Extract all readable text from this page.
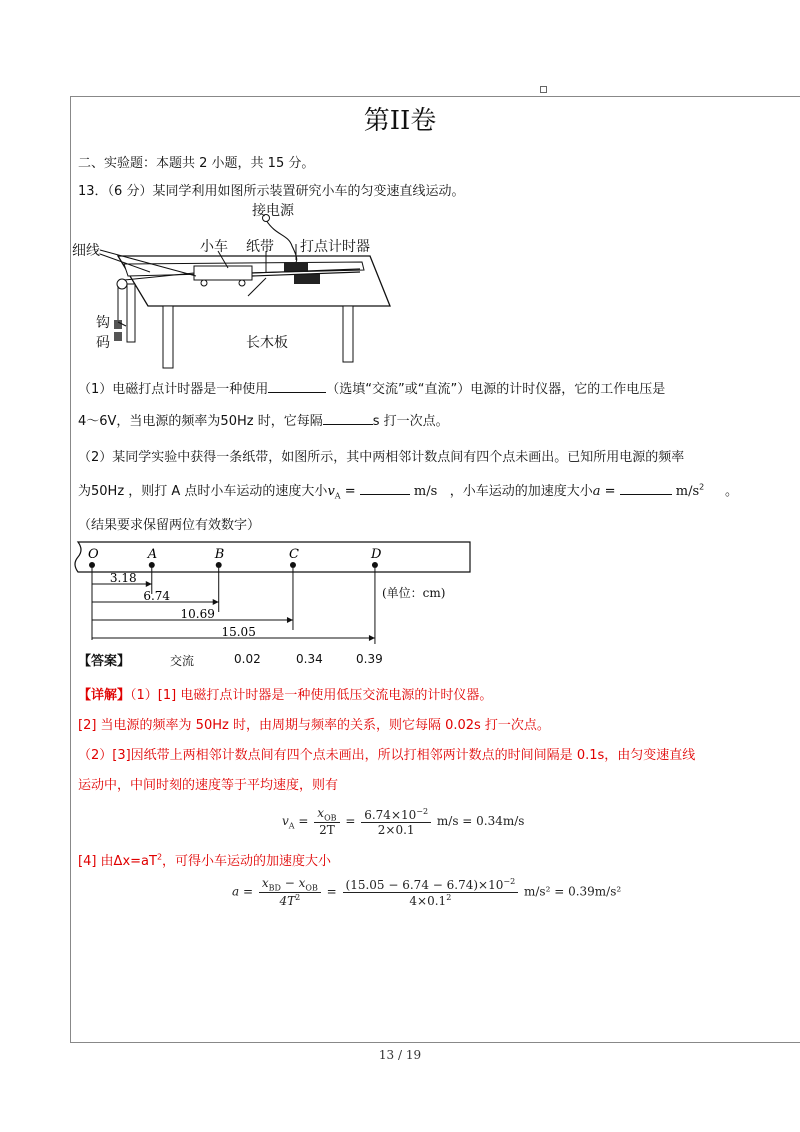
第II卷
二、实验题：本题共 2 小题，共 15 分。
13．（6 分）某同学利用如图所示装置研究小车的匀变速直线运动。
接电源
小车 纸带 打点计时器
细线
钩
码	长木板
（1）电磁打点计时器是一种使用	（选填“交流”或“直流”）电源的计时仪器，它的工作电压是
4～6V，当电源的频率为50Hz 时，它每隔	s 打一次点。
（2）某同学实验中获得一条纸带，如图所示，其中两相邻计数点间有四个点未画出。已知所用电源的频率
为50Hz ，则打 A 点时小车运动的速度大小$v_A$ =	m/s ，小车运动的加速度大小a =	$m/s^2$ 。
（结果要求保留两位有效数字）
O	A	B	C	D
3.18
6.74
10.69
15.05
(单位：cm)
【答案】	交流	0.02	0.34	0.39
【详解】（1）[1] 电磁打点计时器是一种使用低压交流电源的计时仪器。
[2] 当电源的频率为 50Hz 时，由周期与频率的关系，则它每隔 0.02s 打一次点。
（2）[3]因纸带上两相邻计数点间有四个点未画出，所以打相邻两计数点的时间间隔是 0.1s，由匀变速直线
运动中，中间时刻的速度等于平均速度，则有
$v_A = \frac{x_{OB}}{2T} = \frac{6.74\times 10^{-2}}{2\times 0.1} m/s = 0.34m/s$
[4] 由$\Delta x=aT^2$，可得小车运动的加速度大小
$a = \frac{x_{BD} - x_{OB}}{4T^2} = \frac{(15.05 - 6.74 - 6.74)\times 10^{-2}}{4\times 0.1^2} m/s^2 = 0.39m/s^2$
13 / 19
